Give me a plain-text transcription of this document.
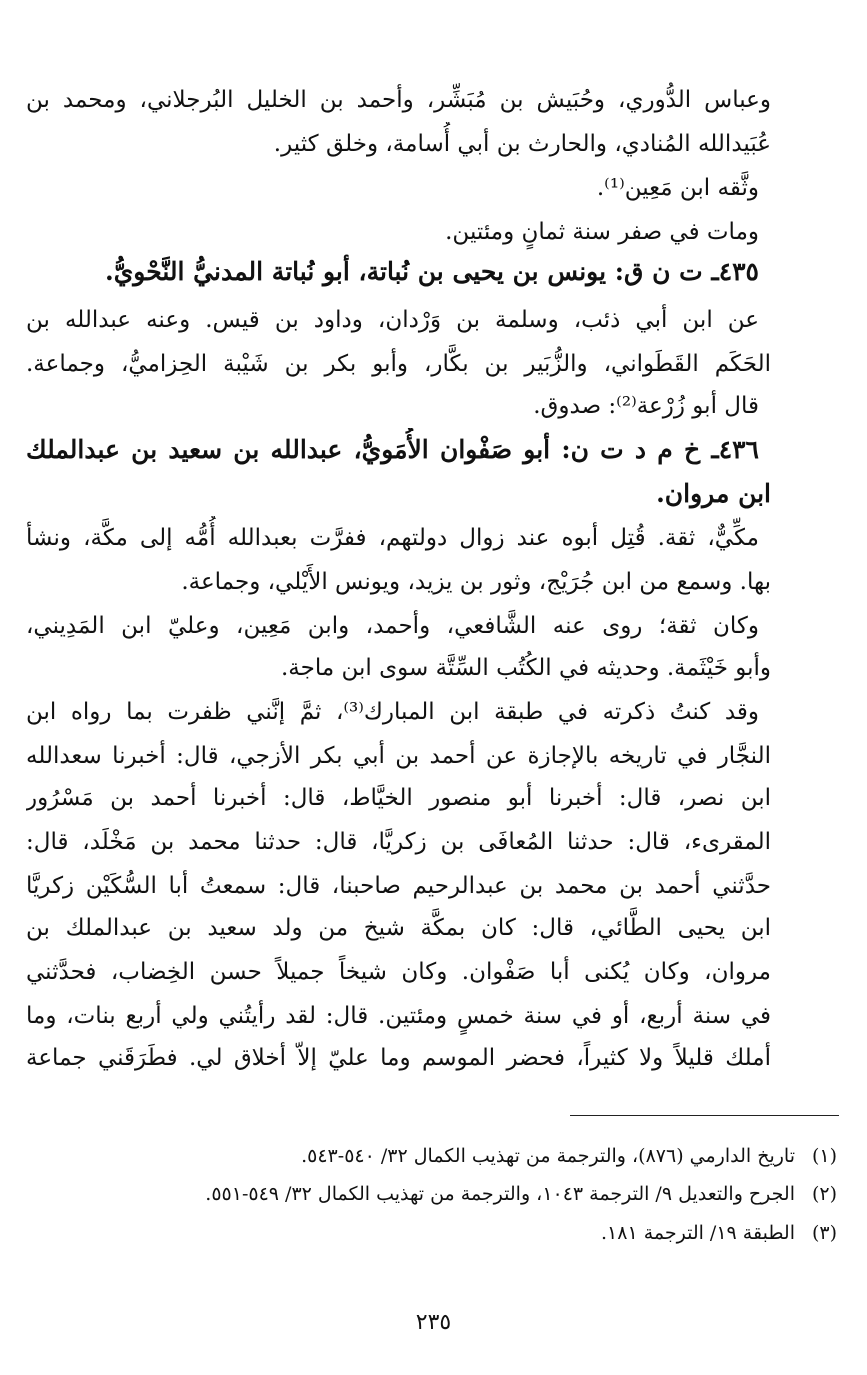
وعباس الدُّوري، وحُبَيش بن مُبَشِّر، وأحمد بن الخليل البُرجلاني، ومحمد بن

عُبَيدالله المُنادي، والحارث بن أبي أُسامة، وخلق كثير.

وثَّقه ابن مَعِين⁽¹⁾.

ومات في صفر سنة ثمانٍ ومئتين.

٤٣٥ـ ت ن ق: يونس بن يحيى بن نُباتة، أبو نُباتة المدنيُّ النَّحْويُّ.

عن ابن أبي ذئب، وسلمة بن وَرْدان، وداود بن قيس. وعنه عبدالله بن

الحَكَم القَطَواني، والزُّبَير بن بكَّار، وأبو بكر بن شَيْبة الحِزاميُّ، وجماعة.

قال أبو زُرْعة⁽²⁾: صدوق.

٤٣٦ـ خ م د ت ن: أبو صَفْوان الأُمَويُّ، عبدالله بن سعيد بن عبدالملك

ابن مروان.

مكِّيٌّ، ثقة. قُتِل أبوه عند زوال دولتهم، ففرَّت بعبدالله أُمُّه إلى مكَّة، ونشأ

بها. وسمع من ابن جُرَيْج، وثور بن يزيد، ويونس الأَيْلي، وجماعة.

وكان ثقة؛ روى عنه الشَّافعي، وأحمد، وابن مَعِين، وعليّ ابن المَدِيني،

وأبو خَيْثَمة. وحديثه في الكُتُب السِّتَّة سوى ابن ماجة.

وقد كنتُ ذكرته في طبقة ابن المبارك⁽³⁾، ثمَّ إنَّني ظفرت بما رواه ابن

النجَّار في تاريخه بالإجازة عن أحمد بن أبي بكر الأزجي، قال: أخبرنا سعدالله

ابن نصر، قال: أخبرنا أبو منصور الخيَّاط، قال: أخبرنا أحمد بن مَسْرُور

المقرىء، قال: حدثنا المُعافَى بن زكريَّا، قال: حدثنا محمد بن مَخْلَد، قال:

حدَّثني أحمد بن محمد بن عبدالرحيم صاحبنا، قال: سمعتُ أبا السُّكَيْن زكريَّا

ابن يحيى الطَّائي، قال: كان بمكَّة شيخ من ولد سعيد بن عبدالملك بن

مروان، وكان يُكنى أبا صَفْوان. وكان شيخاً جميلاً حسن الخِضاب، فحدَّثني

في سنة أربع، أو في سنة خمسٍ ومئتين. قال: لقد رأيتُني ولي أربع بنات، وما

أملك قليلاً ولا كثيراً، فحضر الموسم وما عليّ إلاّ أخلاق لي. فطَرَقَني جماعة

(١)تاريخ الدارمي (٨٧٦)، والترجمة من تهذيب الكمال ٣٢/ ٥٤٠-٥٤٣.

(٢)الجرح والتعديل ٩/ الترجمة ١٠٤٣، والترجمة من تهذيب الكمال ٣٢/ ٥٤٩-٥٥١.

(٣)الطبقة ١٩/ الترجمة ١٨١.

٢٣٥
